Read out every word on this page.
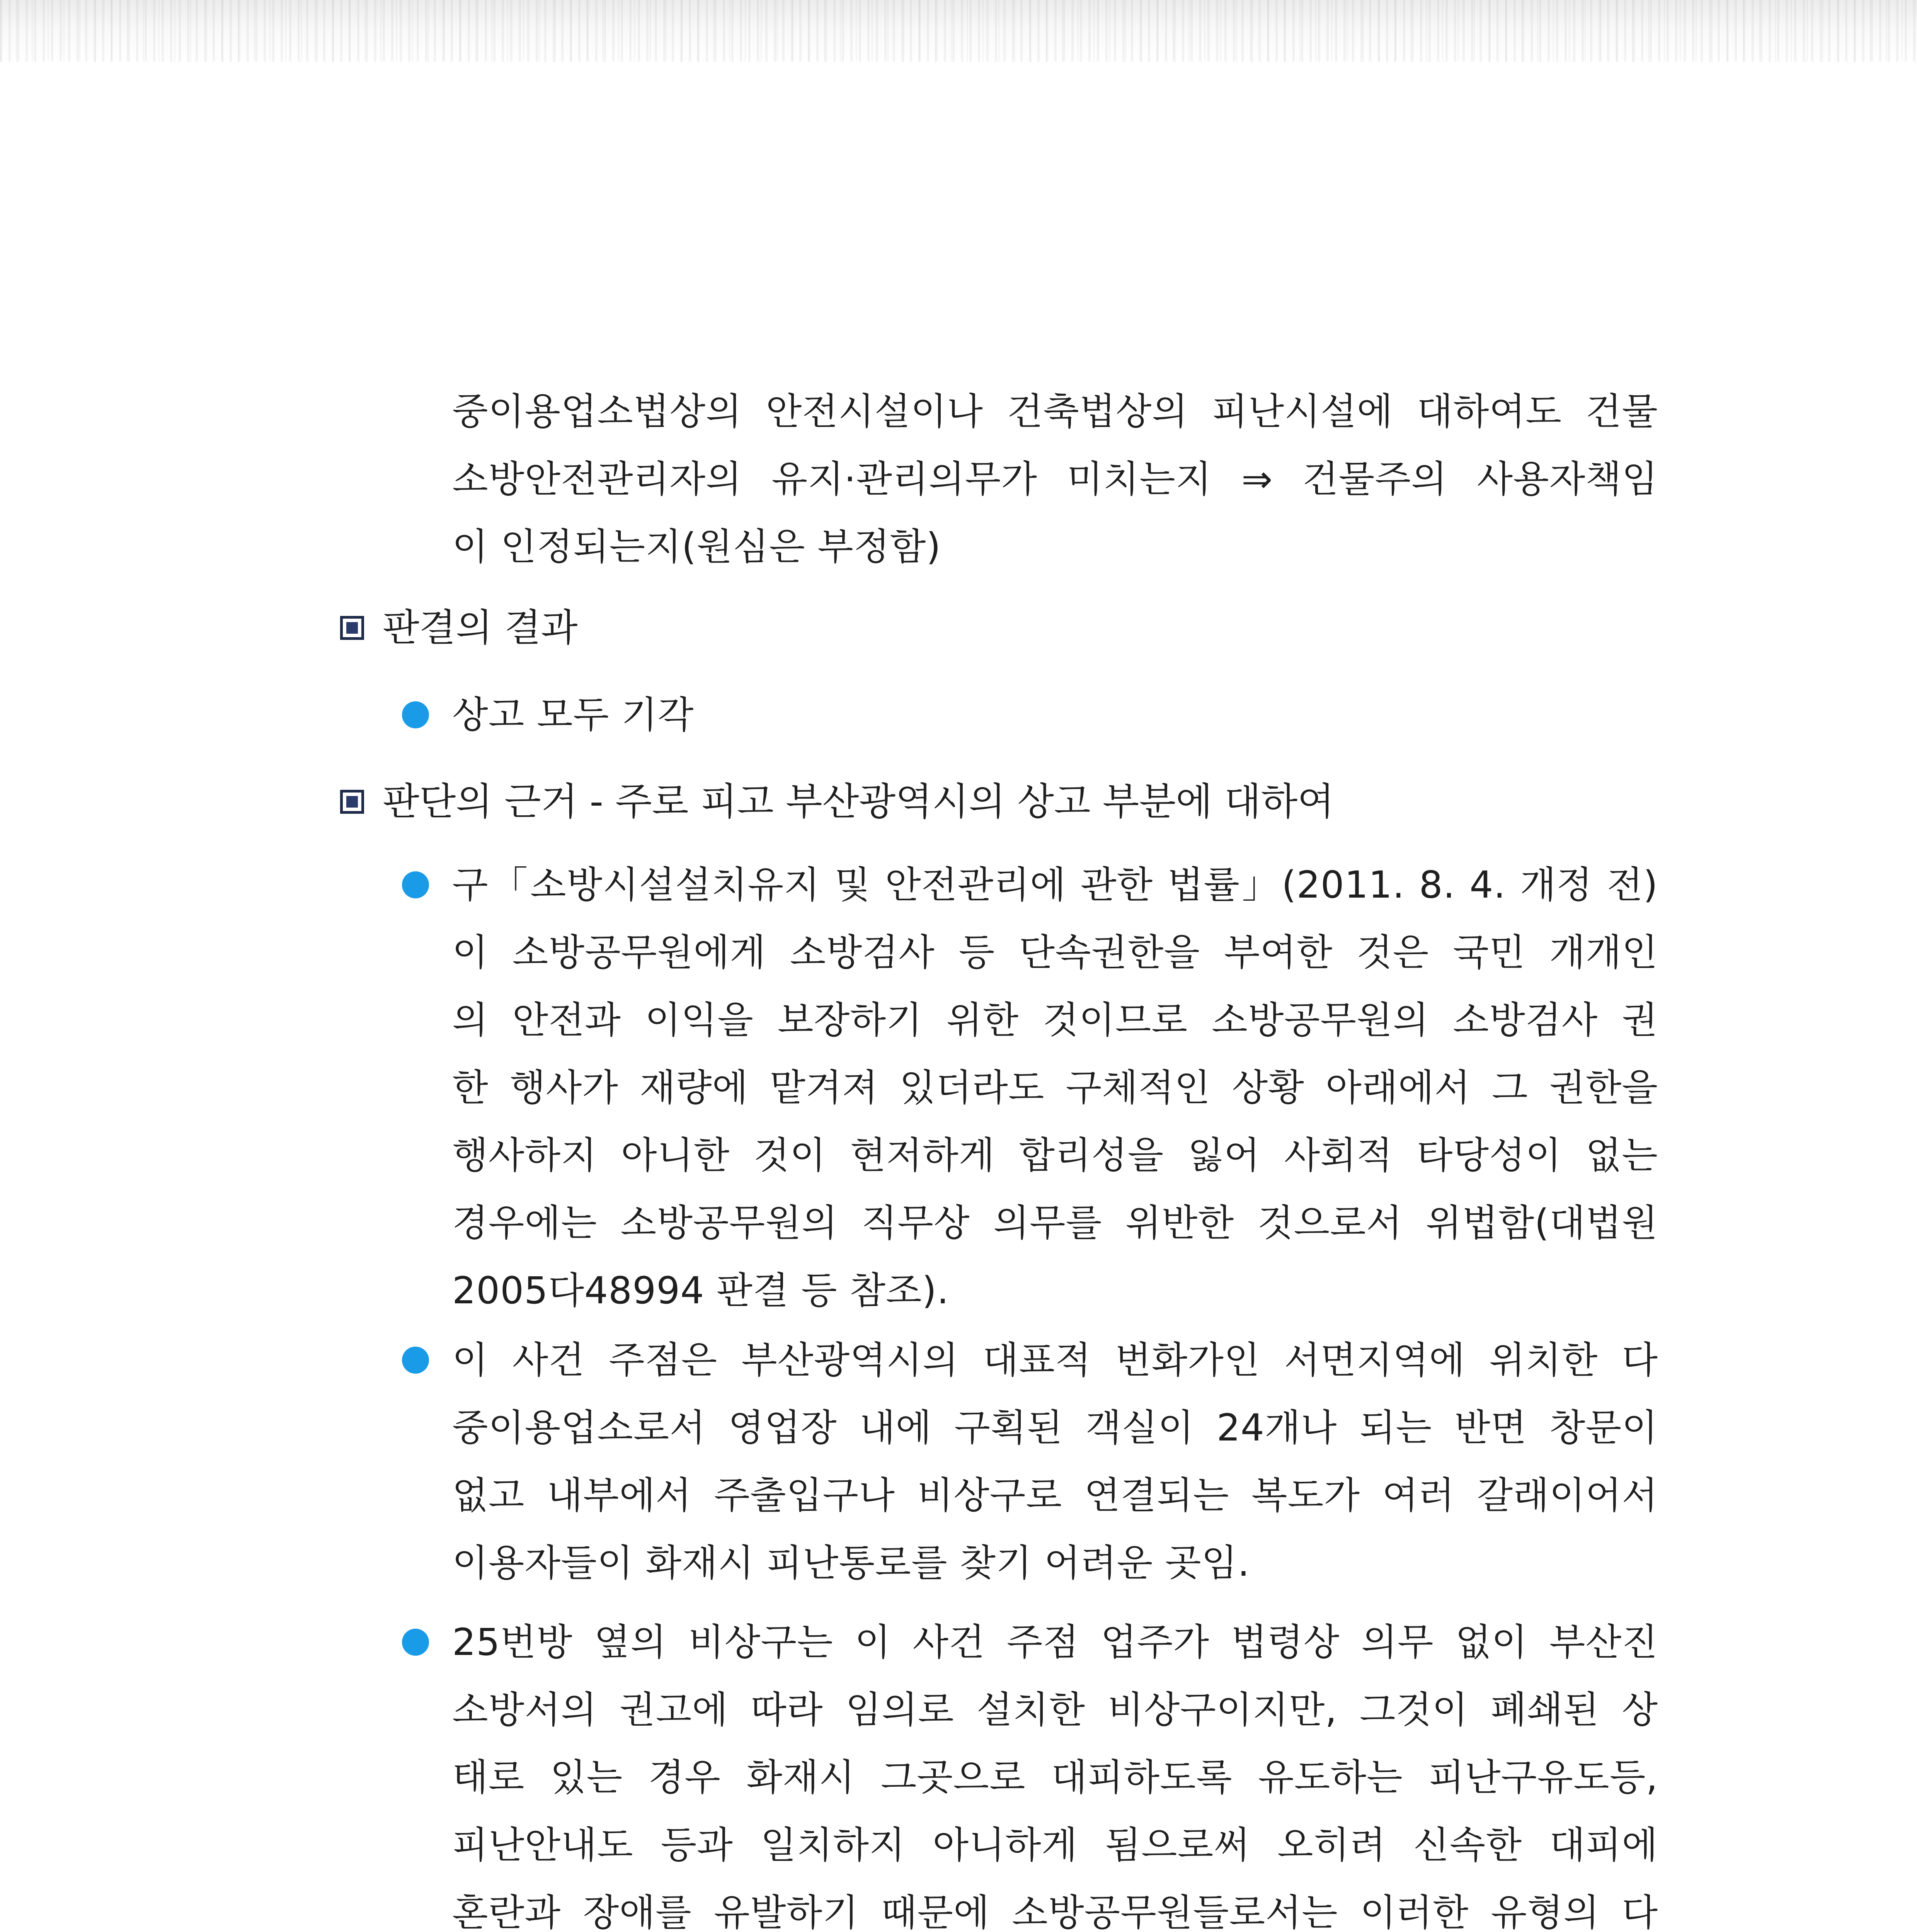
중이용업소법상의 안전시설이나 건축법상의 피난시설에 대하여도 건물
소방안전관리자의 유지·관리의무가 미치는지 ⇒ 건물주의 사용자책임
이 인정되는지(원심은 부정함)
판결의 결과
상고 모두 기각
판단의 근거 - 주로 피고 부산광역시의 상고 부분에 대하여
구「소방시설설치유지 및 안전관리에 관한 법률」(2011. 8. 4. 개정 전)
이 소방공무원에게 소방검사 등 단속권한을 부여한 것은 국민 개개인
의 안전과 이익을 보장하기 위한 것이므로 소방공무원의 소방검사 권
한 행사가 재량에 맡겨져 있더라도 구체적인 상황 아래에서 그 권한을
행사하지 아니한 것이 현저하게 합리성을 잃어 사회적 타당성이 없는
경우에는 소방공무원의 직무상 의무를 위반한 것으로서 위법함(대법원
2005다48994 판결 등 참조).
이 사건 주점은 부산광역시의 대표적 번화가인 서면지역에 위치한 다
중이용업소로서 영업장 내에 구획된 객실이 24개나 되는 반면 창문이
없고 내부에서 주출입구나 비상구로 연결되는 복도가 여러 갈래이어서
이용자들이 화재시 피난통로를 찾기 어려운 곳임.
25번방 옆의 비상구는 이 사건 주점 업주가 법령상 의무 없이 부산진
소방서의 권고에 따라 임의로 설치한 비상구이지만, 그것이 폐쇄된 상
태로 있는 경우 화재시 그곳으로 대피하도록 유도하는 피난구유도등,
피난안내도 등과 일치하지 아니하게 됨으로써 오히려 신속한 대피에
혼란과 장애를 유발하기 때문에 소방공무원들로서는 이러한 유형의 다
